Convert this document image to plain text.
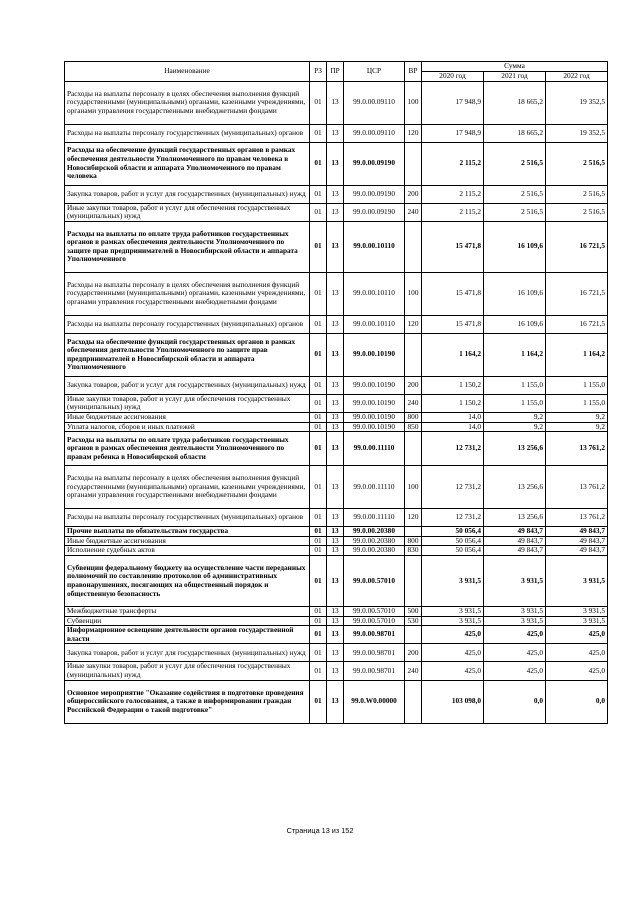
Наименование	РЗ	ПР	ЦСР	ВР	Сумма		
					2020 год	2021 год	2022 год
Расходы на выплаты персоналу в целях обеспечения выполнения функций государственными (муниципальными) органами, казенными учреждениями, органами управления государственными внебюджетными фондами	01	13	99.0.00.09110	100	17 948,9	18 665,2	19 352,5
Расходы на выплаты персоналу государственных (муниципальных) органов	01	13	99.0.00.09110	120	17 948,9	18 665,2	19 352,5
Расходы на обеспечение функций государственных органов в рамках обеспечения деятельности Уполномоченного по правам человека в Новосибирской области и аппарата Уполномоченного по правам человека	01	13	99.0.00.09190		2 115,2	2 516,5	2 516,5
Закупка товаров, работ и услуг для государственных (муниципальных) нужд	01	13	99.0.00.09190	200	2 115,2	2 516,5	2 516,5
Иные закупки товаров, работ и услуг для обеспечения государственных (муниципальных) нужд	01	13	99.0.00.09190	240	2 115,2	2 516,5	2 516,5
Расходы на выплаты по оплате труда работников государственных органов в рамках обеспечения деятельности Уполномоченного по защите прав предпринимателей в Новосибирской области и аппарата Уполномоченного	01	13	99.0.00.10110		15 471,8	16 109,6	16 721,5
Расходы на выплаты персоналу в целях обеспечения выполнения функций государственными (муниципальными) органами, казенными учреждениями, органами управления государственными внебюджетными фондами	01	13	99.0.00.10110	100	15 471,8	16 109,6	16 721,5
Расходы на выплаты персоналу государственных (муниципальных) органов	01	13	99.0.00.10110	120	15 471,8	16 109,6	16 721,5
Расходы на обеспечение функций государственных органов в рамках обеспечения деятельности Уполномоченного по защите прав предпринимателей в Новосибирской области и аппарата Уполномоченного	01	13	99.0.00.10190		1 164,2	1 164,2	1 164,2
Закупка товаров, работ и услуг для государственных (муниципальных) нужд	01	13	99.0.00.10190	200	1 150,2	1 155,0	1 155,0
Иные закупки товаров, работ и услуг для обеспечения государственных (муниципальных) нужд	01	13	99.0.00.10190	240	1 150,2	1 155,0	1 155,0
Иные бюджетные ассигнования	01	13	99.0.00.10190	800	14,0	9,2	9,2
Уплата налогов, сборов и иных платежей	01	13	99.0.00.10190	850	14,0	9,2	9,2
Расходы на выплаты по оплате труда работников государственных органов в рамках обеспечения деятельности Уполномоченного по правам ребенка в Новосибирской области	01	13	99.0.00.11110		12 731,2	13 256,6	13 761,2
Расходы на выплаты персоналу в целях обеспечения выполнения функций государственными (муниципальными) органами, казенными учреждениями, органами управления государственными внебюджетными фондами	01	13	99.0.00.11110	100	12 731,2	13 256,6	13 761,2
Расходы на выплаты персоналу государственных (муниципальных) органов	01	13	99.0.00.11110	120	12 731,2	13 256,6	13 761,2
Прочие выплаты по обязательствам государства	01	13	99.0.00.20380		50 056,4	49 843,7	49 843,7
Иные бюджетные ассигнования	01	13	99.0.00.20380	800	50 056,4	49 843,7	49 843,7
Исполнение судебных актов	01	13	99.0.00.20380	830	50 056,4	49 843,7	49 843,7
Субвенции федеральному бюджету на осуществление части переданных полномочий по составлению протоколов об административных правонарушениях, посягающих на общественный порядок и общественную безопасность	01	13	99.0.00.57010		3 931,5	3 931,5	3 931,5
Межбюджетные трансферты	01	13	99.0.00.57010	500	3 931,5	3 931,5	3 931,5
Субвенции	01	13	99.0.00.57010	530	3 931,5	3 931,5	3 931,5
Информационное освещение деятельности органов государственной власти	01	13	99.0.00.98701		425,0	425,0	425,0
Закупка товаров, работ и услуг для государственных (муниципальных) нужд	01	13	99.0.00.98701	200	425,0	425,0	425,0
Иные закупки товаров, работ и услуг для обеспечения государственных (муниципальных) нужд	01	13	99.0.00.98701	240	425,0	425,0	425,0
Основное мероприятие "Оказание содействия в подготовке проведения общероссийского голосования, а также в информировании граждан Российской Федерации о такой подготовке"	01	13	99.0.W0.00000		103 098,0	0,0	0,0
Страница 13 из 152
